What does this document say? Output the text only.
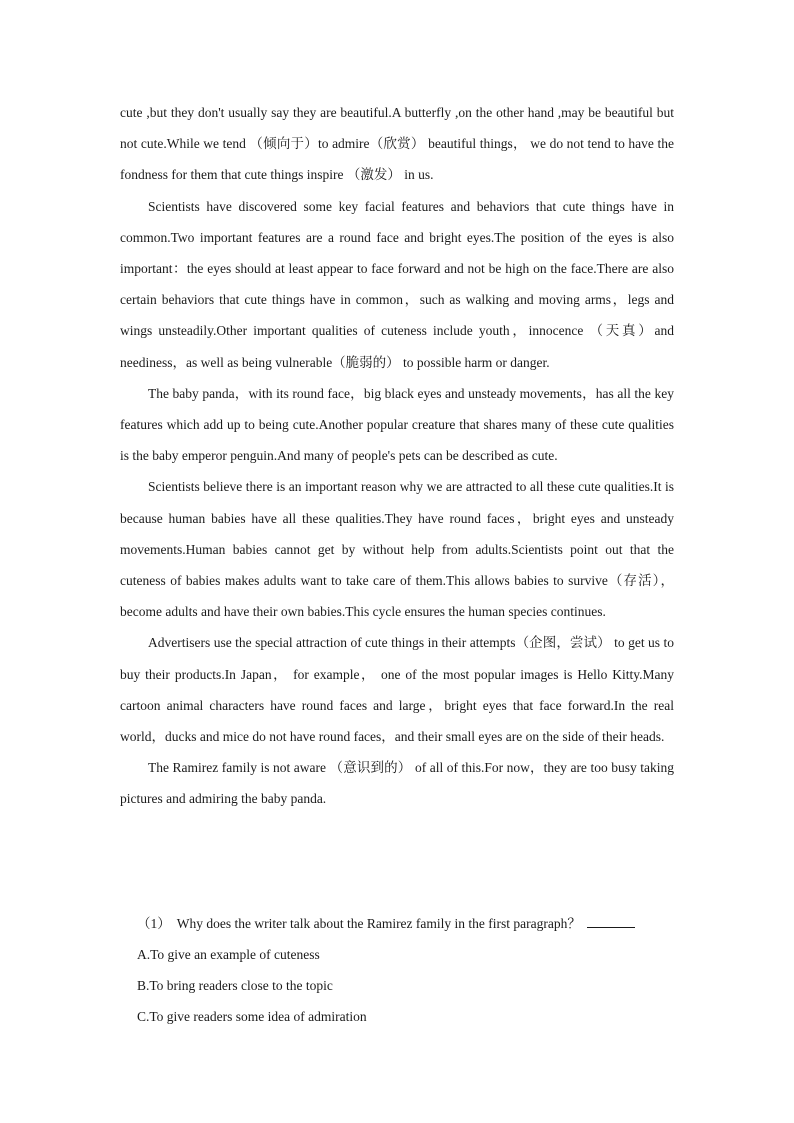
cute ,but they don't usually say they are beautiful.A butterfly ,on the other hand ,may be beautiful but not cute.While we tend （倾向于）to admire（欣赏） beautiful things， we do not tend to have the fondness for them that cute things inspire （激发） in us.

Scientists have discovered some key facial features and behaviors that cute things have in common.Two important features are a round face and bright eyes.The position of the eyes is also important：the eyes should at least appear to face forward and not be high on the face.There are also certain behaviors that cute things have in common，such as walking and moving arms，legs and wings unsteadily.Other important qualities of cuteness include youth，innocence （天真）and neediness，as well as being vulnerable（脆弱的） to possible harm or danger.

The baby panda，with its round face，big black eyes and unsteady movements，has all the key features which add up to being cute.Another popular creature that shares many of these cute qualities is the baby emperor penguin.And many of people's pets can be described as cute.

Scientists believe there is an important reason why we are attracted to all these cute qualities.It is because human babies have all these qualities.They have round faces，bright eyes and unsteady movements.Human babies cannot get by without help from adults.Scientists point out that the cuteness of babies makes adults want to take care of them.This allows babies to survive（存活），become adults and have their own babies.This cycle ensures the human species continues.

Advertisers use the special attraction of cute things in their attempts（企图，尝试） to get us to buy their products.In Japan， for example， one of the most popular images is Hello Kitty.Many cartoon animal characters have round faces and large，bright eyes that face forward.In the real world，ducks and mice do not have round faces，and their small eyes are on the side of their heads.

The Ramirez family is not aware （意识到的） of all of this.For now，they are too busy taking pictures and admiring the baby panda.

（1） Why does the writer talk about the Ramirez family in the first paragraph？
A.To give an example of cuteness
B.To bring readers close to the topic
C.To give readers some idea of admiration
